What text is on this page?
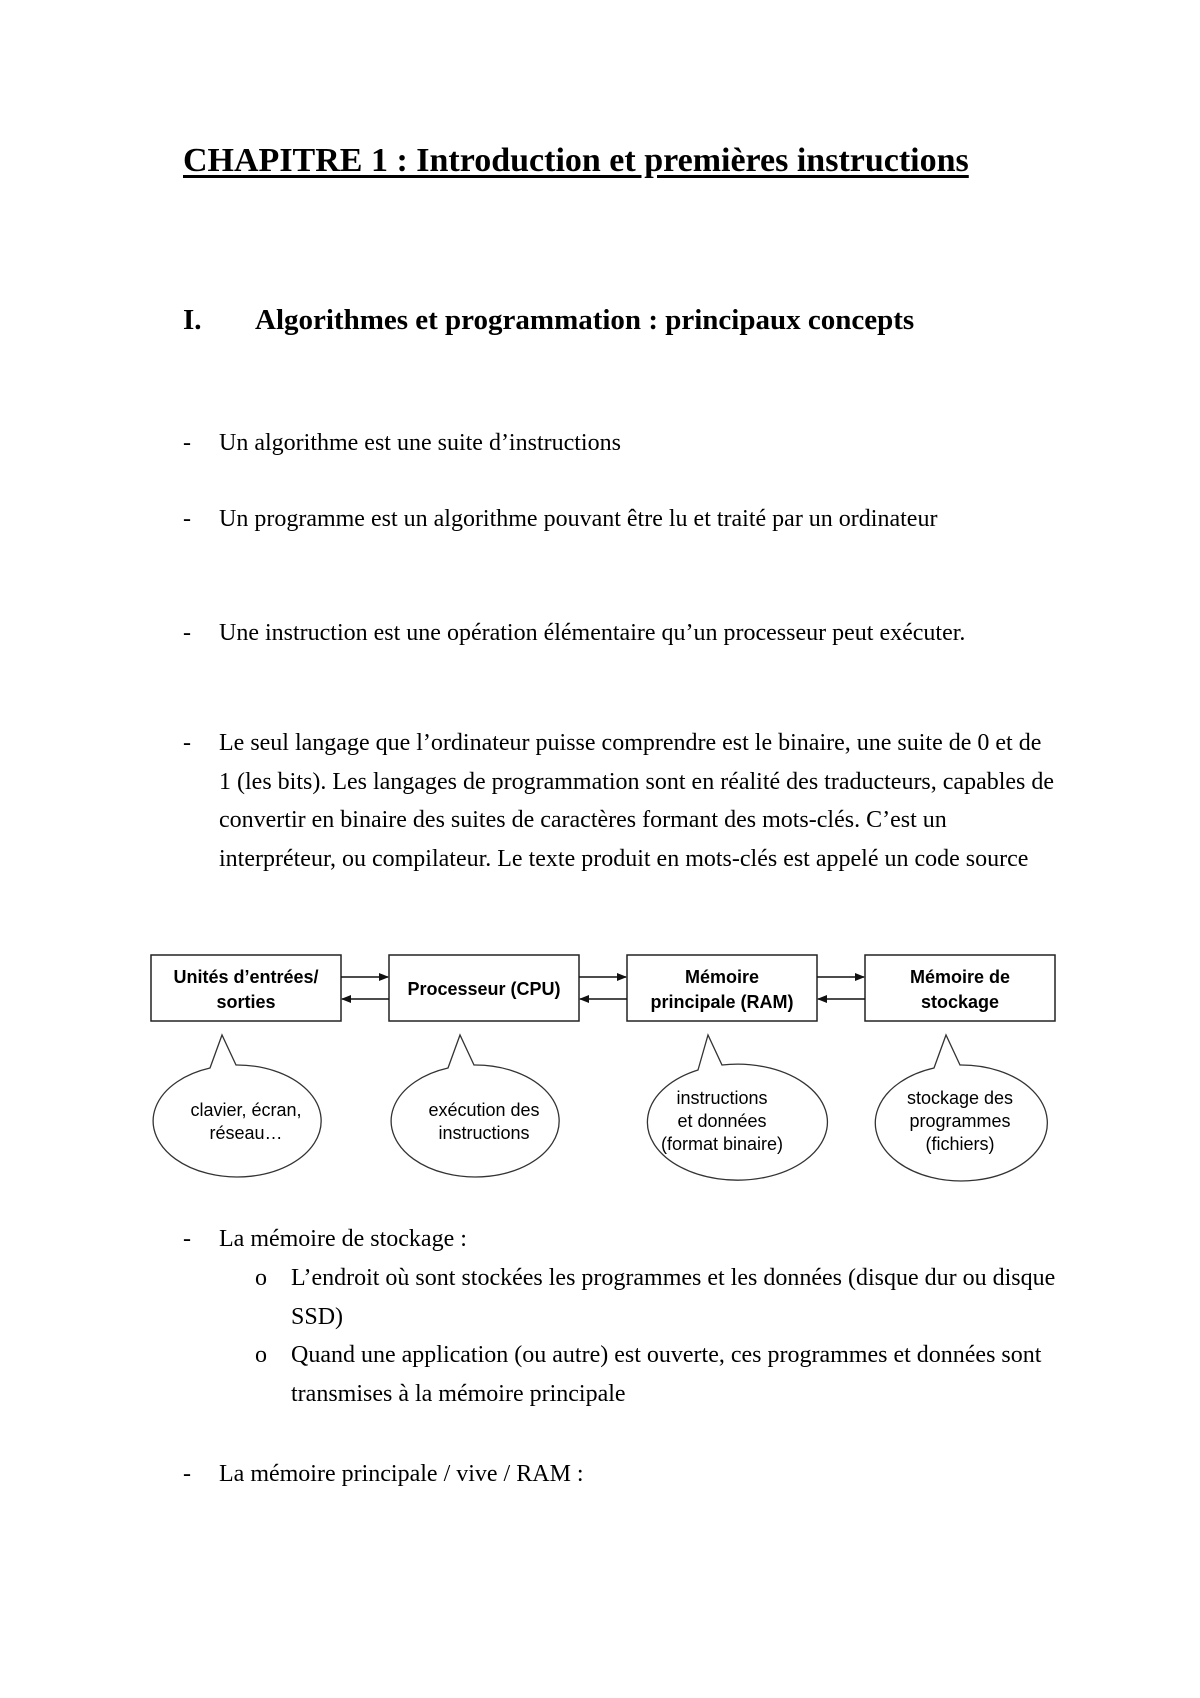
CHAPITRE 1 : Introduction et premières instructions
I. Algorithmes et programmation : principaux concepts
- Un algorithme est une suite d’instructions
- Un programme est un algorithme pouvant être lu et traité par un ordinateur
- Une instruction est une opération élémentaire qu’un processeur peut exécuter.
- Le seul langage que l’ordinateur puisse comprendre est le binaire, une suite de 0 et de 1 (les bits). Les langages de programmation sont en réalité des traducteurs, capables de convertir en binaire des suites de caractères formant des mots-clés. C’est un interpréteur, ou compilateur. Le texte produit en mots-clés est appelé un code source
Unités d’entrées/
sorties
Processeur (CPU)
Mémoire
principale (RAM)
Mémoire de
stockage
clavier, écran,
réseau…
exécution des
instructions
instructions
et données
(format binaire)
stockage des
programmes
(fichiers)
- La mémoire de stockage :
o L’endroit où sont stockées les programmes et les données (disque dur ou disque SSD)
o Quand une application (ou autre) est ouverte, ces programmes et données sont transmises à la mémoire principale
- La mémoire principale / vive / RAM :
